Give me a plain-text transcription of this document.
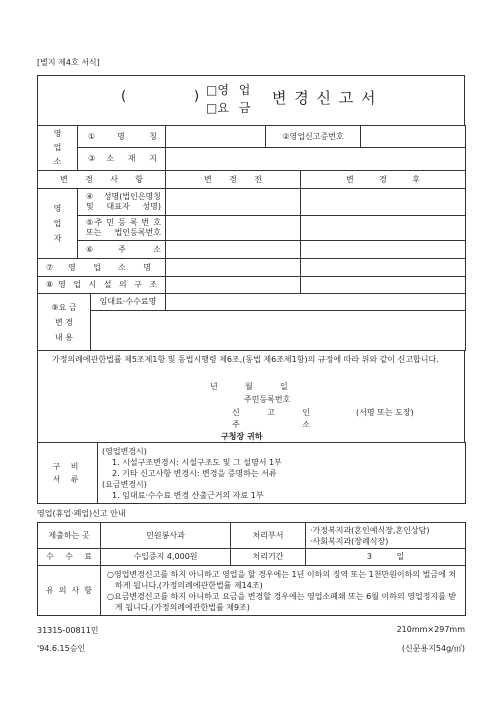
[별지 제4호 서식]
(	) □영 업
□요 금
변 경 신 고 서
영
업
소	①명 칭		②영업신고증번호	
	③소 재 지			
변 경 사 항		변 경 전	변 경 후
영
업
자	④성명(법인은명칭
및 대표자 성명)		
	⑤주 민 등 록 번 호
또는 법인등록번호		
	⑥주 소		
⑦영 업 소 명			
⑧영 업 시 설 의 구 조			
⑨요 금
변 경
내 용	임대료·수수료명	

가정의례에관한법률 제5조제1항 및 동법시행령 제6조,(동법 제6조제1항)의 규정에 따라 위와 같이 신고합니다.
년	월	일
주민등록번호
신 고 인	(서명 또는 도장)
주 소
구청장 귀하
구 비
서 류	
(영업변경시)
1. 시설구조변경시: 시설구조도 및 그 설명서 1부
2. 기타 신고사항 변경시: 변경을 증명하는 서류
(요금변경시)
1. 임대료·수수료 변경 산출근거의 자료 1부
영업(휴업·폐업)신고 안내
제출하는 곳	민원봉사과	처리부서	·가정복지과(혼인예식장,혼인상담)
·사회복지과(장례식장)

수 수 료	수입증지 4,000원	처리기간	3 일
유 의 사 항	○영업변경신고를 하지 아니하고 영업을 할 경우에는 1년 이하의 징역 또는 1천만원이하의 벌금에 처하게 됩니다.(가정의례에관한법률 제14조)
○요금변경신고를 하지 아니하고 요금을 변경할 경우에는 영업소폐쇄 또는 6월 이하의 영업정지를 받게 됩니다.(가정의례에관한법률 제9조)		
31315-00811민
'94.6.15승인
210mm×297mm
(신문용지54g/㎡)
